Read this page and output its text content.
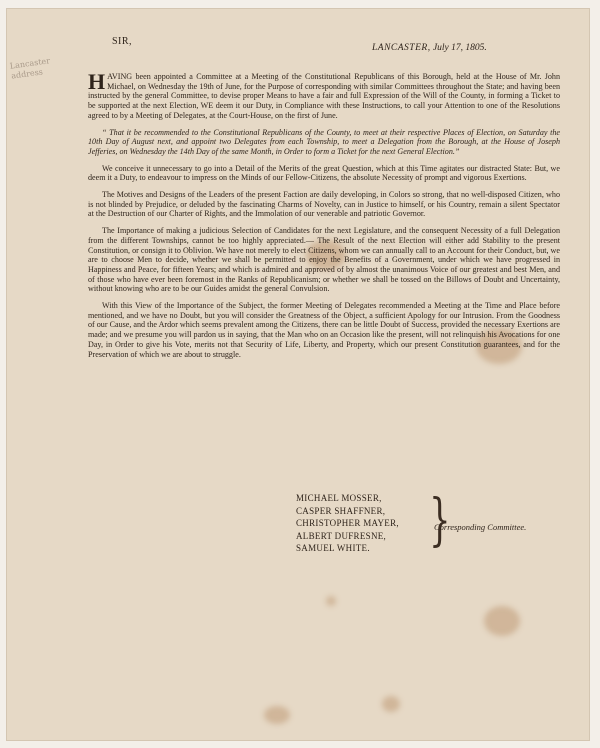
Lancaster
address
SIR,
LANCASTER, July 17, 1805.

H AVING been appointed a Committee at a Meeting of the Constitutional Republicans of this Borough, held at the House of Mr. John Michael, on Wednesday the 19th of June, for the Purpose of corresponding with similar Committees throughout the State; and having been instructed by the general Committee, to devise proper Means to have a fair and full Expression of the Will of the County, in forming a Ticket to be supported at the next Election, WE deem it our Duty, in Compliance with these Instructions, to call your Attention to one of the Resolutions agreed to by a Meeting of Delegates, at the Court-House, on the first of June.

“ That it be recommended to the Constitutional Republicans of the County, to meet at their respective Places of Election, on Saturday the 10th Day of August next, and appoint two Delegates from each Township, to meet a Delegation from the Borough, at the House of Joseph Jefferies, on Wednesday the 14th Day of the same Month, in Order to form a Ticket for the next General Election.”

We conceive it unnecessary to go into a Detail of the Merits of the great Question, which at this Time agitates our distracted State: But, we deem it a Duty, to endeavour to impress on the Minds of our Fellow-Citizens, the absolute Necessity of prompt and vigorous Exertions.

The Motives and Designs of the Leaders of the present Faction are daily developing, in Colors so strong, that no well-disposed Citizen, who is not blinded by Prejudice, or deluded by the fascinating Charms of Novelty, can in Justice to himself, or his Country, remain a silent Spectator at the Destruction of our Charter of Rights, and the Immolation of our venerable and patriotic Governor.

The Importance of making a judicious Selection of Candidates for the next Legislature, and the consequent Necessity of a full Delegation from the different Townships, cannot be too highly appreciated.— The Result of the next Election will either add Stability to the present Constitution, or consign it to Oblivion. We have not merely to elect Citizens, whom we can annually call to an Account for their Conduct, but, we are to choose Men to decide, whether we shall be permitted to enjoy the Benefits of a Government, under which we have progressed in Happiness and Peace, for fifteen Years; and which is admired and approved of by almost the unanimous Voice of our greatest and best Men, and of those who have ever been foremost in the Ranks of Republicanism; or whether we shall be tossed on the Billows of Doubt and Uncertainty, without knowing who are to be our Guides amidst the general Convulsion.

With this View of the Importance of the Subject, the former Meeting of Delegates recommended a Meeting at the Time and Place before mentioned, and we have no Doubt, but you will consider the Greatness of the Object, a sufficient Apology for our Intrusion. From the Goodness of our Cause, and the Ardor which seems prevalent among the Citizens, there can be little Doubt of Success, provided the necessary Exertions are made; and we presume you will pardon us in saying, that the Man who on an Occasion like the present, will not relinquish his Avocations for one Day, in Order to give his Vote, merits not that Security of Life, Liberty, and Property, which our present Constitution guarantees, and for the Preservation of which we are about to struggle.

MICHAEL MOSSER,
CASPER SHAFFNER,
CHRISTOPHER MAYER,
ALBERT DUFRESNE,
SAMUEL WHITE.	}
Corresponding Committee.
